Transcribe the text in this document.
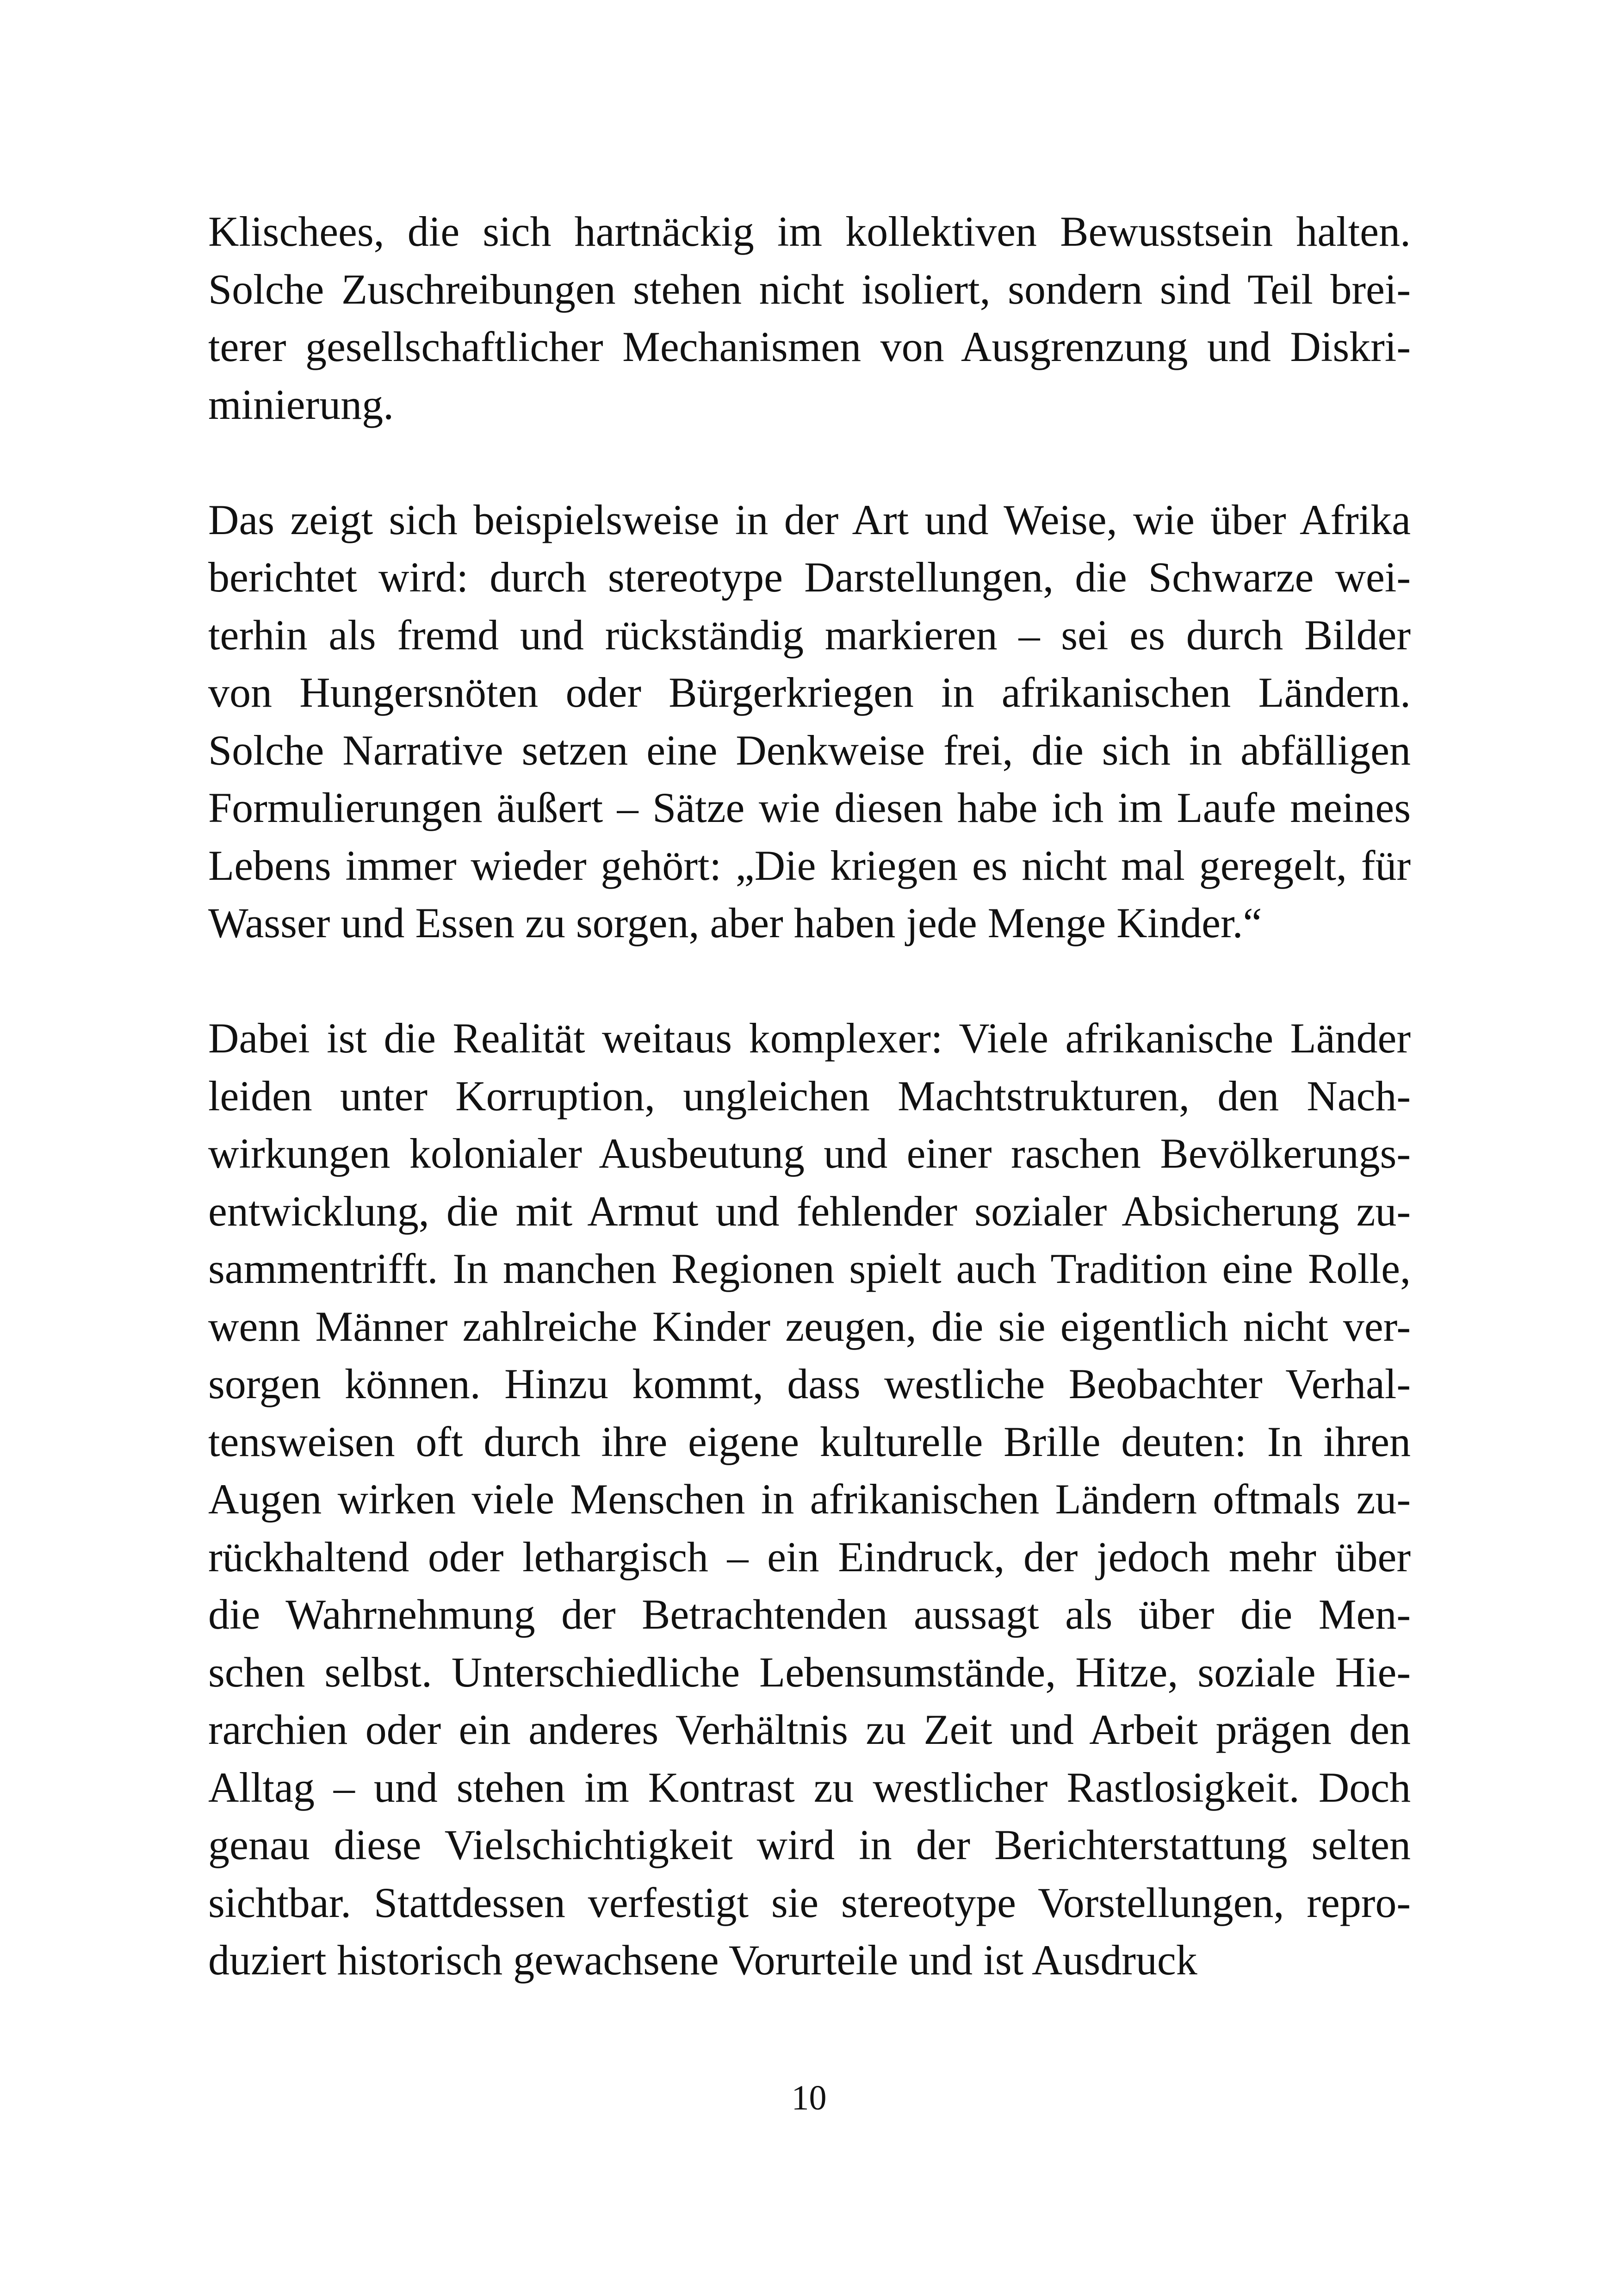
Klischees, die sich hartnäckig im kollektiven Bewusstsein halten.
Solche Zuschreibungen stehen nicht isoliert, sondern sind Teil brei-
terer gesellschaftlicher Mechanismen von Ausgrenzung und Diskri-
minierung.
Das zeigt sich beispielsweise in der Art und Weise, wie über Afrika
berichtet wird: durch stereotype Darstellungen, die Schwarze wei-
terhin als fremd und rückständig markieren – sei es durch Bilder
von Hungersnöten oder Bürgerkriegen in afrikanischen Ländern.
Solche Narrative setzen eine Denkweise frei, die sich in abfälligen
Formulierungen äußert – Sätze wie diesen habe ich im Laufe meines
Lebens immer wieder gehört: „Die kriegen es nicht mal geregelt, für
Wasser und Essen zu sorgen, aber haben jede Menge Kinder.“
Dabei ist die Realität weitaus komplexer: Viele afrikanische Länder
leiden unter Korruption, ungleichen Machtstrukturen, den Nach-
wirkungen kolonialer Ausbeutung und einer raschen Bevölkerungs-
entwicklung, die mit Armut und fehlender sozialer Absicherung zu-
sammentrifft. In manchen Regionen spielt auch Tradition eine Rolle,
wenn Männer zahlreiche Kinder zeugen, die sie eigentlich nicht ver-
sorgen können. Hinzu kommt, dass westliche Beobachter Verhal-
tensweisen oft durch ihre eigene kulturelle Brille deuten: In ihren
Augen wirken viele Menschen in afrikanischen Ländern oftmals zu-
rückhaltend oder lethargisch – ein Eindruck, der jedoch mehr über
die Wahrnehmung der Betrachtenden aussagt als über die Men-
schen selbst. Unterschiedliche Lebensumstände, Hitze, soziale Hie-
rarchien oder ein anderes Verhältnis zu Zeit und Arbeit prägen den
Alltag – und stehen im Kontrast zu westlicher Rastlosigkeit. Doch
genau diese Vielschichtigkeit wird in der Berichterstattung selten
sichtbar. Stattdessen verfestigt sie stereotype Vorstellungen, repro-
duziert historisch gewachsene Vorurteile und ist Ausdruck
10
